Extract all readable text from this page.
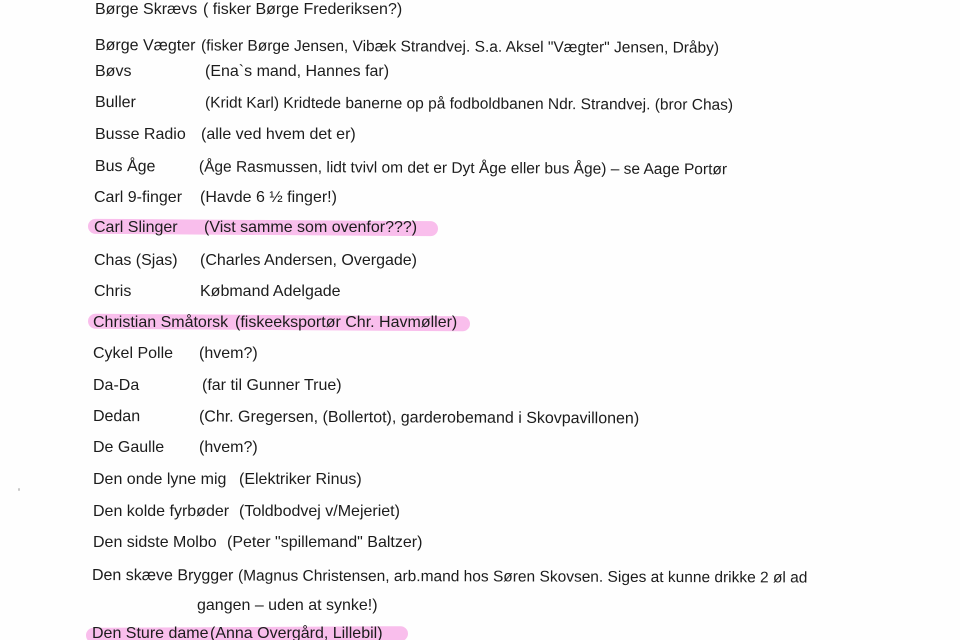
Børge Skrævs ( fisker Børge Frederiksen?)
Børge Vægter (fisker Børge Jensen, Vibæk Strandvej. S.a. Aksel "Vægter" Jensen, Dråby)
Bøvs	(Ena`s mand, Hannes far)
Buller	(Kridt Karl) Kridtede banerne op på fodboldbanen Ndr. Strandvej. (bror Chas)
Busse Radio (alle ved hvem det er)
Bus Åge	(Åge Rasmussen, lidt tvivl om det er Dyt Åge eller bus Åge) – se Aage Portør
Carl 9-finger (Havde 6 ½ finger!)
Carl Slinger (Vist samme som ovenfor???)
Chas (Sjas) (Charles Andersen, Overgade)
Chris	Købmand Adelgade
Christian Småtorsk (fiskeeksportør Chr. Havmøller)
Cykel Polle (hvem?)
Da-Da	(far til Gunner True)
Dedan	(Chr. Gregersen, (Bollertot), garderobemand i Skovpavillonen)
De Gaulle (hvem?)
Den onde lyne mig (Elektriker Rinus)
Den kolde fyrbøder (Toldbodvej v/Mejeriet)
Den sidste Molbo (Peter "spillemand" Baltzer)
Den skæve Brygger (Magnus Christensen, arb.mand hos Søren Skovsen. Siges at kunne drikke 2 øl ad
gangen – uden at synke!)
Den Sture dame (Anna Overgård, Lillebil)
